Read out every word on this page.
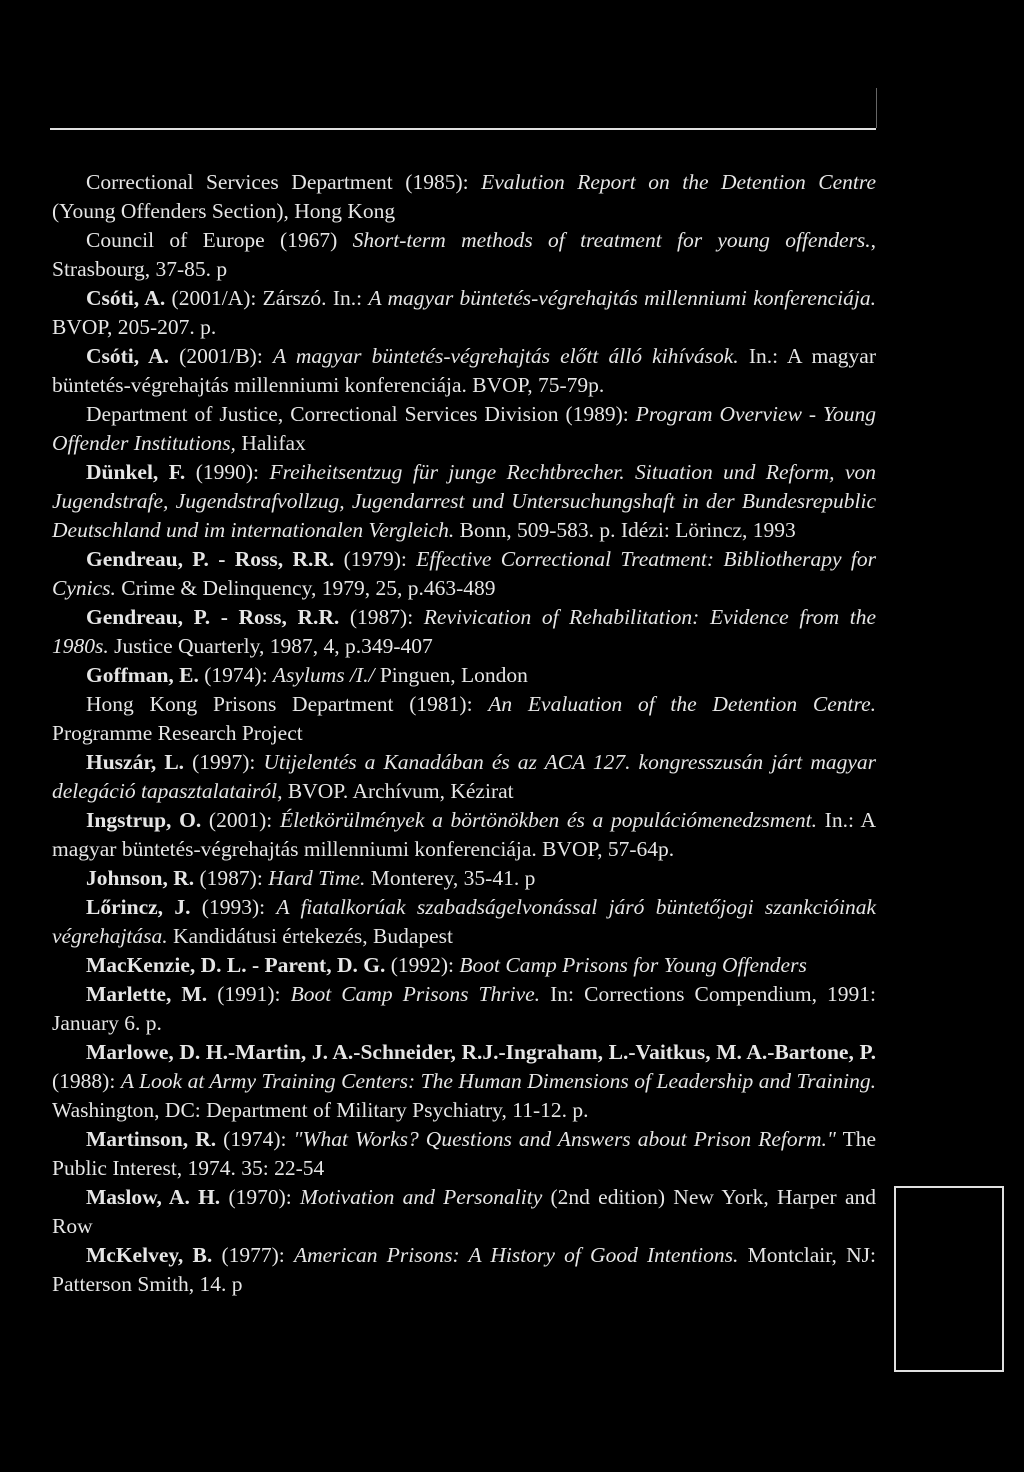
Correctional Services Department (1985): Evalution Report on the Detention Centre (Young Offenders Section), Hong Kong

Council of Europe (1967) Short-term methods of treatment for young offenders., Strasbourg, 37-85. p

Csóti, A. (2001/A): Zárszó. In.: A magyar büntetés-végrehajtás millenniumi konferenciája. BVOP, 205-207. p.

Csóti, A. (2001/B): A magyar büntetés-végrehajtás előtt álló kihívások. In.: A magyar büntetés-végrehajtás millenniumi konferenciája. BVOP, 75-79p.

Department of Justice, Correctional Services Division (1989): Program Overview - Young Offender Institutions, Halifax

Dünkel, F. (1990): Freiheitsentzug für junge Rechtbrecher. Situation und Reform, von Jugendstrafe, Jugendstrafvollzug, Jugendarrest und Untersuchungshaft in der Bundesrepublic Deutschland und im internationalen Vergleich. Bonn, 509-583. p. Idézi: Lörincz, 1993

Gendreau, P. - Ross, R.R. (1979): Effective Correctional Treatment: Bibliotherapy for Cynics. Crime & Delinquency, 1979, 25, p.463-489

Gendreau, P. - Ross, R.R. (1987): Revivication of Rehabilitation: Evidence from the 1980s. Justice Quarterly, 1987, 4, p.349-407

Goffman, E. (1974): Asylums /I./ Pinguen, London

Hong Kong Prisons Department (1981): An Evaluation of the Detention Centre. Programme Research Project

Huszár, L. (1997): Utijelentés a Kanadában és az ACA 127. kongresszusán járt magyar delegáció tapasztalatairól, BVOP. Archívum, Kézirat

Ingstrup, O. (2001): Életkörülmények a börtönökben és a populációmenedzsment. In.: A magyar büntetés-végrehajtás millenniumi konferenciája. BVOP, 57-64p.

Johnson, R. (1987): Hard Time. Monterey, 35-41. p

Lőrincz, J. (1993): A fiatalkorúak szabadságelvonással járó büntetőjogi szankcióinak végrehajtása. Kandidátusi értekezés, Budapest

MacKenzie, D. L. - Parent, D. G. (1992): Boot Camp Prisons for Young Offenders

Marlette, M. (1991): Boot Camp Prisons Thrive. In: Corrections Compendium, 1991: January 6. p.

Marlowe, D. H.-Martin, J. A.-Schneider, R.J.-Ingraham, L.-Vaitkus, M. A.-Bartone, P. (1988): A Look at Army Training Centers: The Human Dimensions of Leadership and Training. Washington, DC: Department of Military Psychiatry, 11-12. p.

Martinson, R. (1974): "What Works? Questions and Answers about Prison Reform." The Public Interest, 1974. 35: 22-54

Maslow, A. H. (1970): Motivation and Personality (2nd edition) New York, Harper and Row

McKelvey, B. (1977): American Prisons: A History of Good Intentions. Montclair, NJ: Patterson Smith, 14. p
